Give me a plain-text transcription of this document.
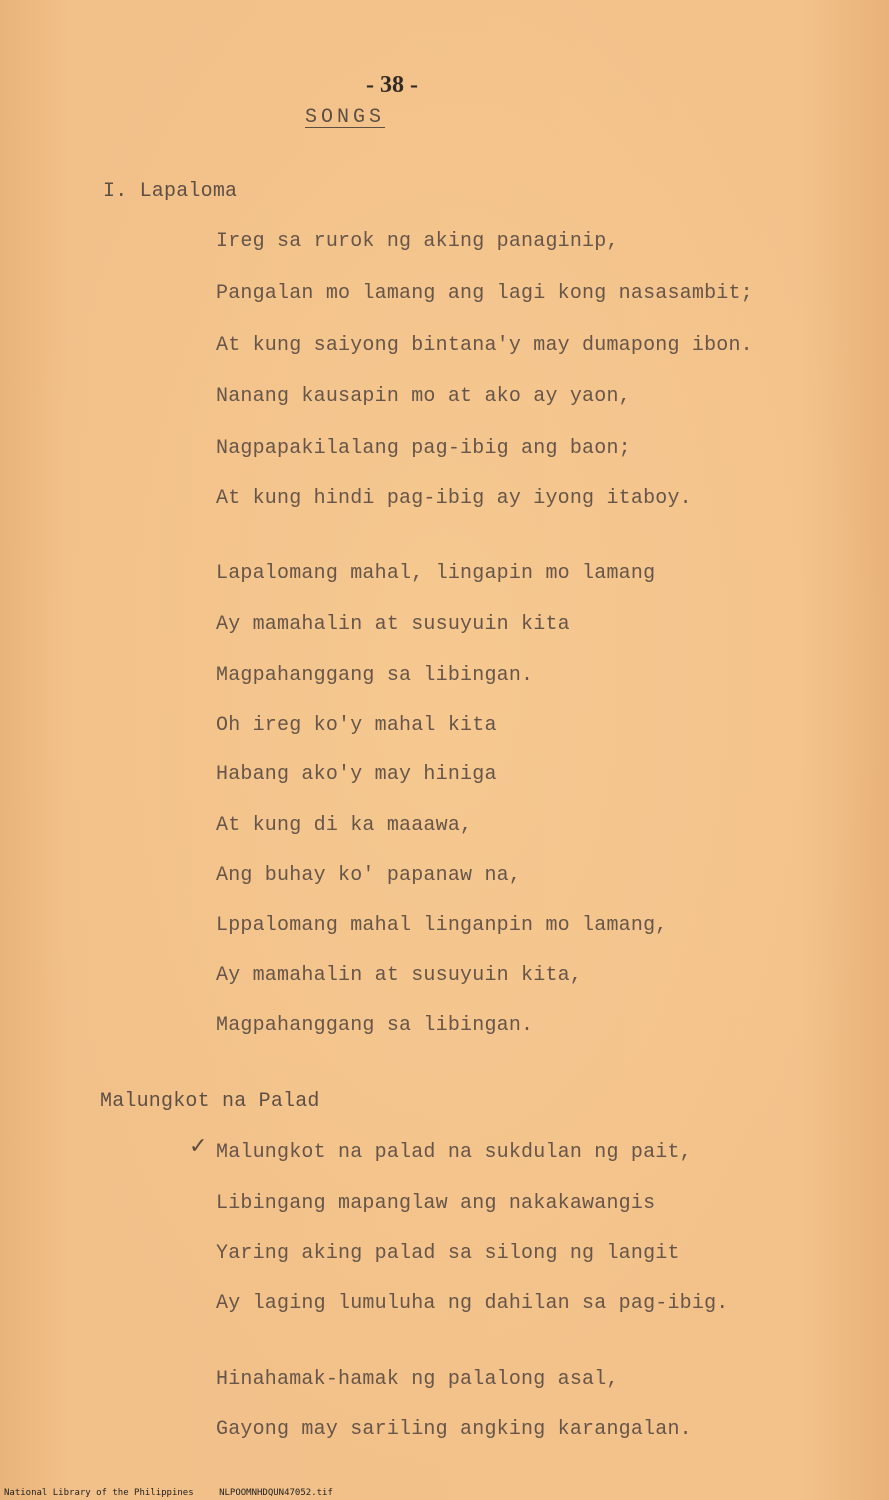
- 38 -
SONGS
I. Lapaloma
Ireg sa rurok ng aking panaginip,
Pangalan mo lamang ang lagi kong nasasambit;
At kung saiyong bintana'y may dumapong ibon.
Nanang kausapin mo at ako ay yaon,
Nagpapakilalang pag-ibig ang baon;
At kung hindi pag-ibig ay iyong itaboy.
Lapalomang mahal, lingapin mo lamang
Ay mamahalin at susuyuin kita
Magpahanggang sa libingan.
Oh ireg ko'y mahal kita
Habang ako'y may hiniga
At kung di ka maaawa,
Ang buhay ko' papanaw na,
Lppalomang mahal linganpin mo lamang,
Ay mamahalin at susuyuin kita,
Magpahanggang sa libingan.
Malungkot na Palad
✓ Malungkot na palad na sukdulan ng pait,
Libingang mapanglaw ang nakakawangis
Yaring aking palad sa silong ng langit
Ay laging lumuluha ng dahilan sa pag-ibig.
Hinahamak-hamak ng palalong asal,
Gayong may sariling angking karangalan.
National Library of the Philippines	NLPOOMNHDQUN47052.tif
